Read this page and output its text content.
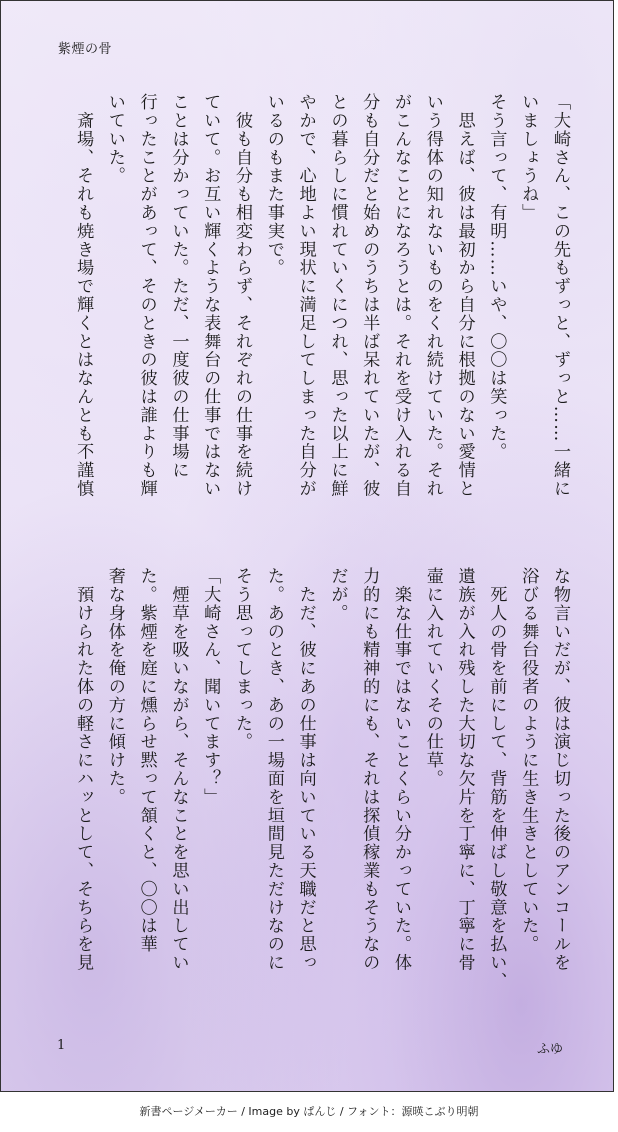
紫煙の骨
「大崎さん、この先もずっと、ずっと……一緒に
いましょうね」
そう言って、有明……いや、〇〇は笑った。
　思えば、彼は最初から自分に根拠のない愛情と
いう得体の知れないものをくれ続けていた。それ
がこんなことになろうとは。それを受け入れる自
分も自分だと始めのうちは半ば呆れていたが、彼
との暮らしに慣れていくにつれ、思った以上に鮮
やかで、心地よい現状に満足してしまった自分が
いるのもまた事実で。
　彼も自分も相変わらず、それぞれの仕事を続け
ていて。お互い輝くような表舞台の仕事ではない
ことは分かっていた。ただ、一度彼の仕事場に
行ったことがあって、そのときの彼は誰よりも輝
いていた。
　斎場、それも焼き場で輝くとはなんとも不謹慎
な物言いだが、彼は演じ切った後のアンコールを
浴びる舞台役者のように生き生きとしていた。
　死人の骨を前にして、背筋を伸ばし敬意を払い、
遺族が入れ残した大切な欠片を丁寧に、丁寧に骨
壷に入れていくその仕草。
　楽な仕事ではないことくらい分かっていた。体
力的にも精神的にも、それは探偵稼業もそうなの
だが。
　ただ、彼にあの仕事は向いている天職だと思っ
た。あのとき、あの一場面を垣間見ただけなのに
そう思ってしまった。
「大崎さん、聞いてます？」
　煙草を吸いながら、そんなことを思い出してい
た。紫煙を庭に燻らせ黙って頷くと、〇〇は華
奢な身体を俺の方に傾けた。
　預けられた体の軽さにハッとして、そちらを見
1	ふゆ
新書ページメーカー / Image by ぱんじ / フォント：源暎こぶり明朝
